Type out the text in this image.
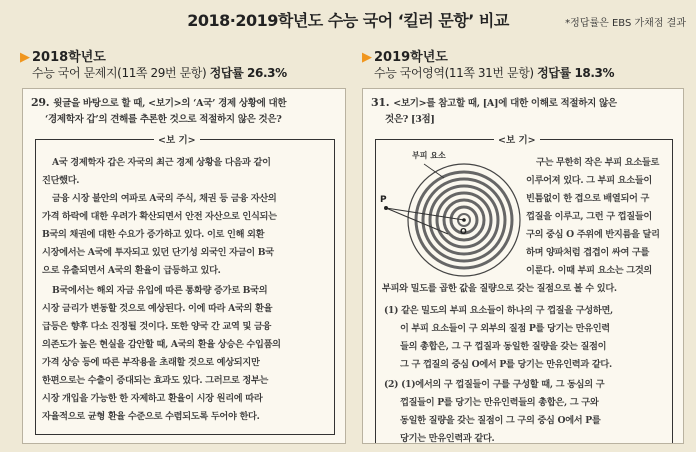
2018·2019학년도 수능 국어 ‘킬러 문항’ 비교	*정답률은 EBS 가채점 결과
▶ 2018학년도
수능 국어 문제지(11쪽 29번 문항) 정답률 26.3%
▶ 2019학년도
수능 국어영역(11쪽 31번 문항) 정답률 18.3%
29. 윗글을 바탕으로 할 때, <보기>의 ‘A국’ 경제 상황에 대한
‘경제학자 갑’의 견해를 추론한 것으로 적절하지 않은 것은?
<보 기>
A국 경제학자 갑은 자국의 최근 경제 상황을 다음과 같이
진단했다.
금융 시장 불안의 여파로 A국의 주식, 채권 등 금융 자산의
가격 하락에 대한 우려가 확산되면서 안전 자산으로 인식되는
B국의 채권에 대한 수요가 증가하고 있다. 이로 인해 외환
시장에서는 A국에 투자되고 있던 단기성 외국인 자금이 B국
으로 유출되면서 A국의 환율이 급등하고 있다.
B국에서는 해외 자금 유입에 따른 통화량 증가로 B국의
시장 금리가 변동할 것으로 예상된다. 이에 따라 A국의 환율
급등은 향후 다소 진정될 것이다. 또한 양국 간 교역 및 금융
의존도가 높은 현실을 감안할 때, A국의 환율 상승은 수입품의
가격 상승 등에 따른 부작용을 초래할 것으로 예상되지만
한편으로는 수출이 증대되는 효과도 있다. 그러므로 정부는
시장 개입을 가능한 한 자제하고 환율이 시장 원리에 따라
자율적으로 균형 환율 수준으로 수렴되도록 두어야 한다.
31. <보기>를 참고할 때, [A]에 대한 이해로 적절하지 않은
것은? [3점]
<보 기>
부피 요소
P
O
구는 무한히 작은 부피 요소들로
이루어져 있다. 그 부피 요소들이
빈틈없이 한 겹으로 배열되어 구
껍질을 이루고, 그런 구 껍질들이
구의 중심 O 주위에 반지름을 달리
하며 양파처럼 겹겹이 싸여 구를
이룬다. 이때 부피 요소는 그것의
부피와 밀도를 곱한 값을 질량으로 갖는 질점으로 볼 수 있다.
(1) 같은 밀도의 부피 요소들이 하나의 구 껍질을 구성하면,
이 부피 요소들이 구 외부의 질점 P를 당기는 만유인력
들의 총합은, 그 구 껍질과 동일한 질량을 갖는 질점이
그 구 껍질의 중심 O에서 P를 당기는 만유인력과 같다.
(2) (1)에서의 구 껍질들이 구를 구성할 때, 그 동심의 구
껍질들이 P를 당기는 만유인력들의 총합은, 그 구와
동일한 질량을 갖는 질점이 그 구의 중심 O에서 P를
당기는 만유인력과 같다.
